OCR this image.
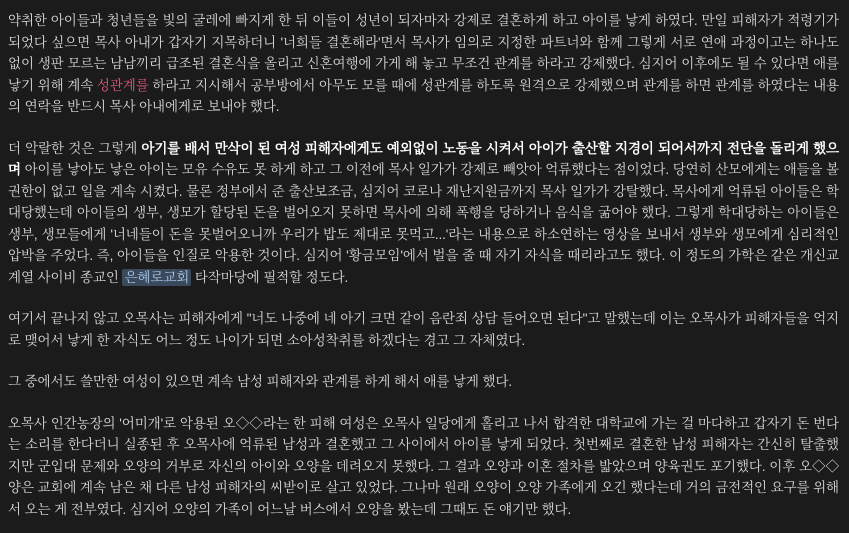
약취한 아이들과 청년들을 빛의 굴레에 빠지게 한 뒤 이들이 성년이 되자마자 강제로 결혼하게 하고 아이를 낳게 하였다. 만일 피해자가 적령기가 되었다 싶으면 목사 아내가 갑자기 지목하더니 '너희들 결혼해라'면서 목사가 임의로 지정한 파트너와 함께 그렇게 서로 연애 과정이고는 하나도 없이 생판 모르는 남남끼리 급조된 결혼식을 올리고 신혼여행에 가게 해 놓고 무조건 관계를 하라고 강제했다. 심지어 이후에도 될 수 있다면 애를 낳기 위해 계속 성관계를 하라고 지시해서 공부방에서 아무도 모를 때에 성관계를 하도록 원격으로 강제했으며 관계를 하면 관계를 하였다는 내용의 연락을 반드시 목사 아내에게로 보내야 했다.

더 악랄한 것은 그렇게 아기를 배서 만삭이 된 여성 피해자에게도 예외없이 노동을 시켜서 아이가 출산할 지경이 되어서까지 전단을 돌리게 했으며 아이를 낳아도 낳은 아이는 모유 수유도 못 하게 하고 그 이전에 목사 일가가 강제로 빼앗아 억류했다는 점이었다. 당연히 산모에게는 애들을 볼 권한이 없고 일을 계속 시켰다. 물론 정부에서 준 출산보조금, 심지어 코로나 재난지원금까지 목사 일가가 강탈했다. 목사에게 억류된 아이들은 학대당했는데 아이들의 생부, 생모가 할당된 돈을 벌어오지 못하면 목사에 의해 폭행을 당하거나 음식을 굶어야 했다. 그렇게 학대당하는 아이들은 생부, 생모들에게 '너네들이 돈을 못벌어오니까 우리가 밥도 제대로 못먹고...'라는 내용으로 하소연하는 영상을 보내서 생부와 생모에게 심리적인 압박을 주었다. 즉, 아이들을 인질로 악용한 것이다. 심지어 '황금모임'에서 벌을 줄 때 자기 자식을 때리라고도 했다. 이 정도의 가학은 같은 개신교 계열 사이비 종교인 은혜로교회 타작마당에 필적할 정도다.

여기서 끝나지 않고 오목사는 피해자에게 "너도 나중에 네 아기 크면 같이 음란죄 상담 들어오면 된다"고 말했는데 이는 오목사가 피해자들을 억지로 맺어서 낳게 한 자식도 어느 정도 나이가 되면 소아성착취를 하겠다는 경고 그 자체였다.

그 중에서도 쓸만한 여성이 있으면 계속 남성 피해자와 관계를 하게 해서 애를 낳게 했다.

오목사 인간농장의 '어미개'로 악용된 오◇◇라는 한 피해 여성은 오목사 일당에게 홀리고 나서 합격한 대학교에 가는 걸 마다하고 갑자기 돈 번다는 소리를 한다더니 실종된 후 오목사에 억류된 남성과 결혼했고 그 사이에서 아이를 낳게 되었다. 첫번째로 결혼한 남성 피해자는 간신히 탈출했지만 군입대 문제와 오양의 거부로 자신의 아이와 오양을 데려오지 못했다. 그 결과 오양과 이혼 절차를 밟았으며 양육권도 포기했다. 이후 오◇◇양은 교회에 계속 남은 채 다른 남성 피해자의 씨받이로 살고 있었다. 그나마 원래 오양이 오양 가족에게 오긴 했다는데 거의 금전적인 요구를 위해서 오는 게 전부였다. 심지어 오양의 가족이 어느날 버스에서 오양을 봤는데 그때도 돈 얘기만 했다.
